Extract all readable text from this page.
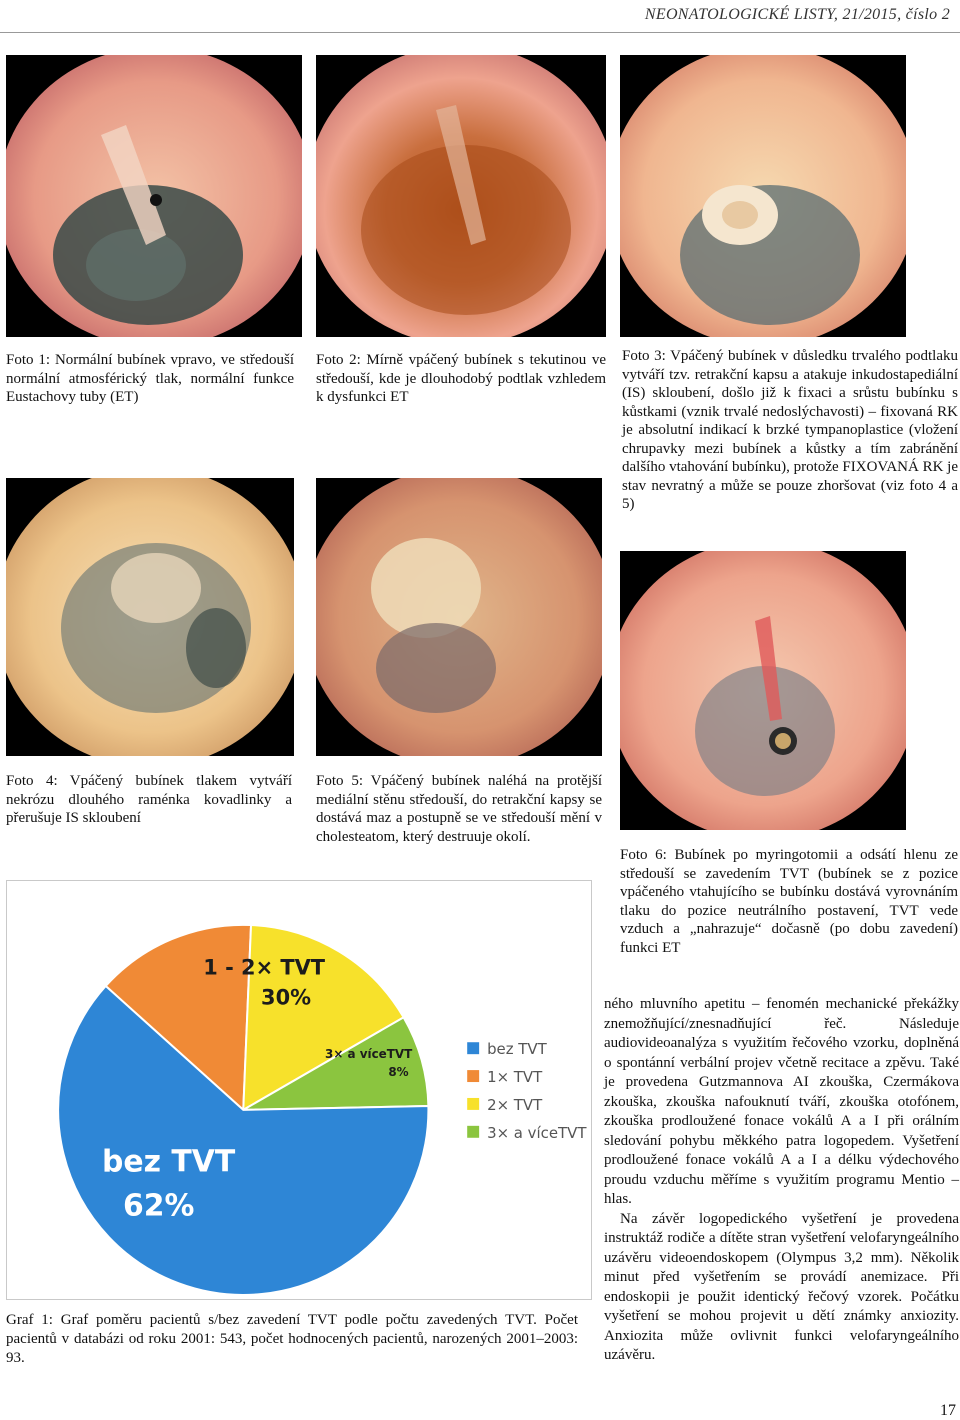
NEONATOLOGICKÉ LISTY, 21/2015, číslo 2
Foto 1: Normální bubínek vpravo, ve středouší normální atmosférický tlak, normální funkce Eustachovy tuby (ET)
Foto 2: Mírně vpáčený bubínek s tekutinou ve středouší, kde je dlouhodobý podtlak vzhledem k dysfunkci ET
Foto 3: Vpáčený bubínek v důsledku trvalého podtlaku vytváří tzv. retrakční kapsu a atakuje inkudostapediální (IS) skloubení, došlo již k fixaci a srůstu bubínku s kůstkami (vznik trvalé nedoslýchavosti) – fixovaná RK je absolutní indikací k brzké tympanoplastice (vložení chrupavky mezi bubínek a kůstky a tím zabránění dalšího vtahování bubínku), protože FIXOVANÁ RK je stav nevratný a může se pouze zhoršovat (viz foto 4 a 5)
Foto 4: Vpáčený bubínek tlakem vytváří nekrózu dlouhého raménka kovadlinky a přerušuje IS skloubení
Foto 5: Vpáčený bubínek naléhá na protější mediální stěnu středouší, do retrakční kapsy se dostává maz a postupně se ve středouší mění v cholesteatom, který destruuje okolí.
Foto 6: Bubínek po myringotomii a odsátí hlenu ze středouší se zavedením TVT (bubínek se z pozice vpáčeného vtahujícího se bubínku dostává vyrovnáním tlaku do pozice neutrálního postavení, TVT vede vzduch a „nahrazuje“ dočasně (po dobu zavedení) funkci ET
1 - 2× TVT
30%
3× a víceTVT
8%
bez TVT
62%
bez TVT
1× TVT
2× TVT
3× a víceTVT
Graf 1: Graf poměru pacientů s/bez zavedení TVT podle počtu zavedených TVT. Počet pacientů v databázi od roku 2001: 543, počet hodnocených pacientů, narozených 2001–2003: 93.

ného mluvního apetitu – fenomén mechanické překážky znemožňující/znesnadňující řeč. Následuje audiovideoanalýza s využitím řečového vzorku, doplněná o spontánní verbální projev včetně recitace a zpěvu. Také je provedena Gutzmannova AI zkouška, Czermákova zkouška, zkouška nafouknutí tváří, zkouška otofónem, zkouška prodloužené fonace vokálů A a I při orálním sledování pohybu měkkého patra logopedem. Vyšetření prodloužené fonace vokálů A a I a délku výdechového proudu vzduchu měříme s využitím programu Mentio – hlas.

Na závěr logopedického vyšetření je provedena instruktáž rodiče a dítěte stran vyšetření velofaryngeálního uzávěru videoendoskopem (Olympus 3,2 mm). Několik minut před vyšetřením se provádí anemizace. Při endoskopii je použit identický řečový vzorek. Počátku vyšetření se mohou projevit u dětí známky anxiozity. Anxiozita může ovlivnit funkci velofaryngeálního uzávěru.

17
